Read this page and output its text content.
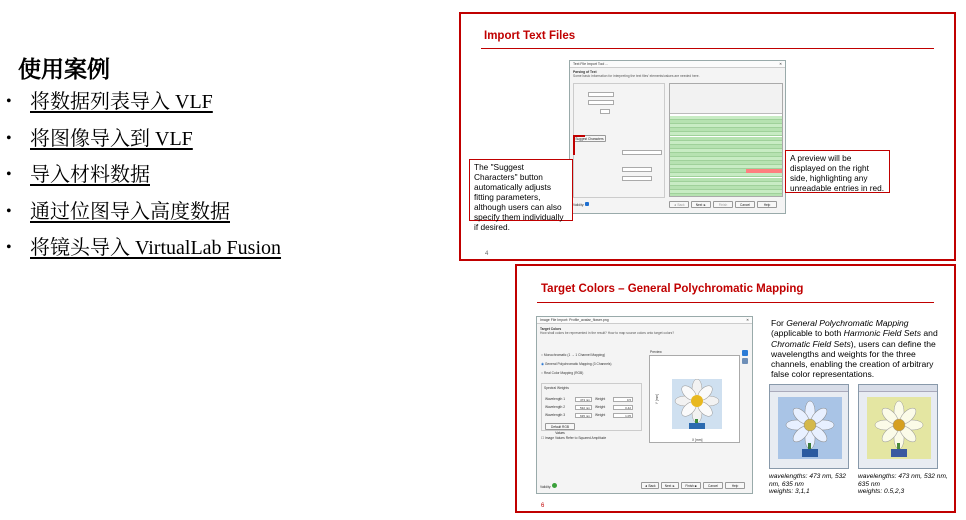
使用案例
• 将数据列表导入 VLF
• 将图像导入到 VLF
• 导入材料数据
• 通过位图导入高度数据
• 将镜头导入 VirtualLab Fusion
Import Text Files
Text File Import Tool ...	✕
Parsing of Text
Some basic information for interpreting the text files' elements/values are needed here.
Suggest Characters
Validity:	◄ Back	Next ►	Finish	Cancel	Help
The "Suggest Characters" button automatically adjusts fitting parameters, although users can also specify them individually if desired.
A preview will be displayed on the right side, highlighting any unreadable entries in red.
4
Target Colors – General Polychromatic Mapping
Image File Import: Profile_avatar_flower.png	✕
Target Colors
How shall colors be represented in the result? How to map source colors onto target colors?
○ Monochromatic (1 → 1 Channel Mapping)
◉ General Polychromatic Mapping (3 Channels)
○ Real Color Mapping (RGB)
Spectral Weights
Wavelength 1	473 nm	Weight	0.5
Wavelength 2	532 nm	Weight	0.42
Wavelength 3	635 nm	Weight	1.05
Default RGB Values
☐ Image Values Refer to Squared Amplitude
Preview
X [mm]
Y [mm]
Validity:	◄ Back	Next ►	Finish ■	Cancel	Help
For General Polychromatic Mapping (applicable to both Harmonic Field Sets and Chromatic Field Sets), users can define the wavelengths and weights for the three channels, enabling the creation of arbitrary false color representations.
wavelengths: 473 nm, 532 nm, 635 nm
weights: 3,1,1
wavelengths: 473 nm, 532 nm, 635 nm
weights: 0.5,2,3
6
